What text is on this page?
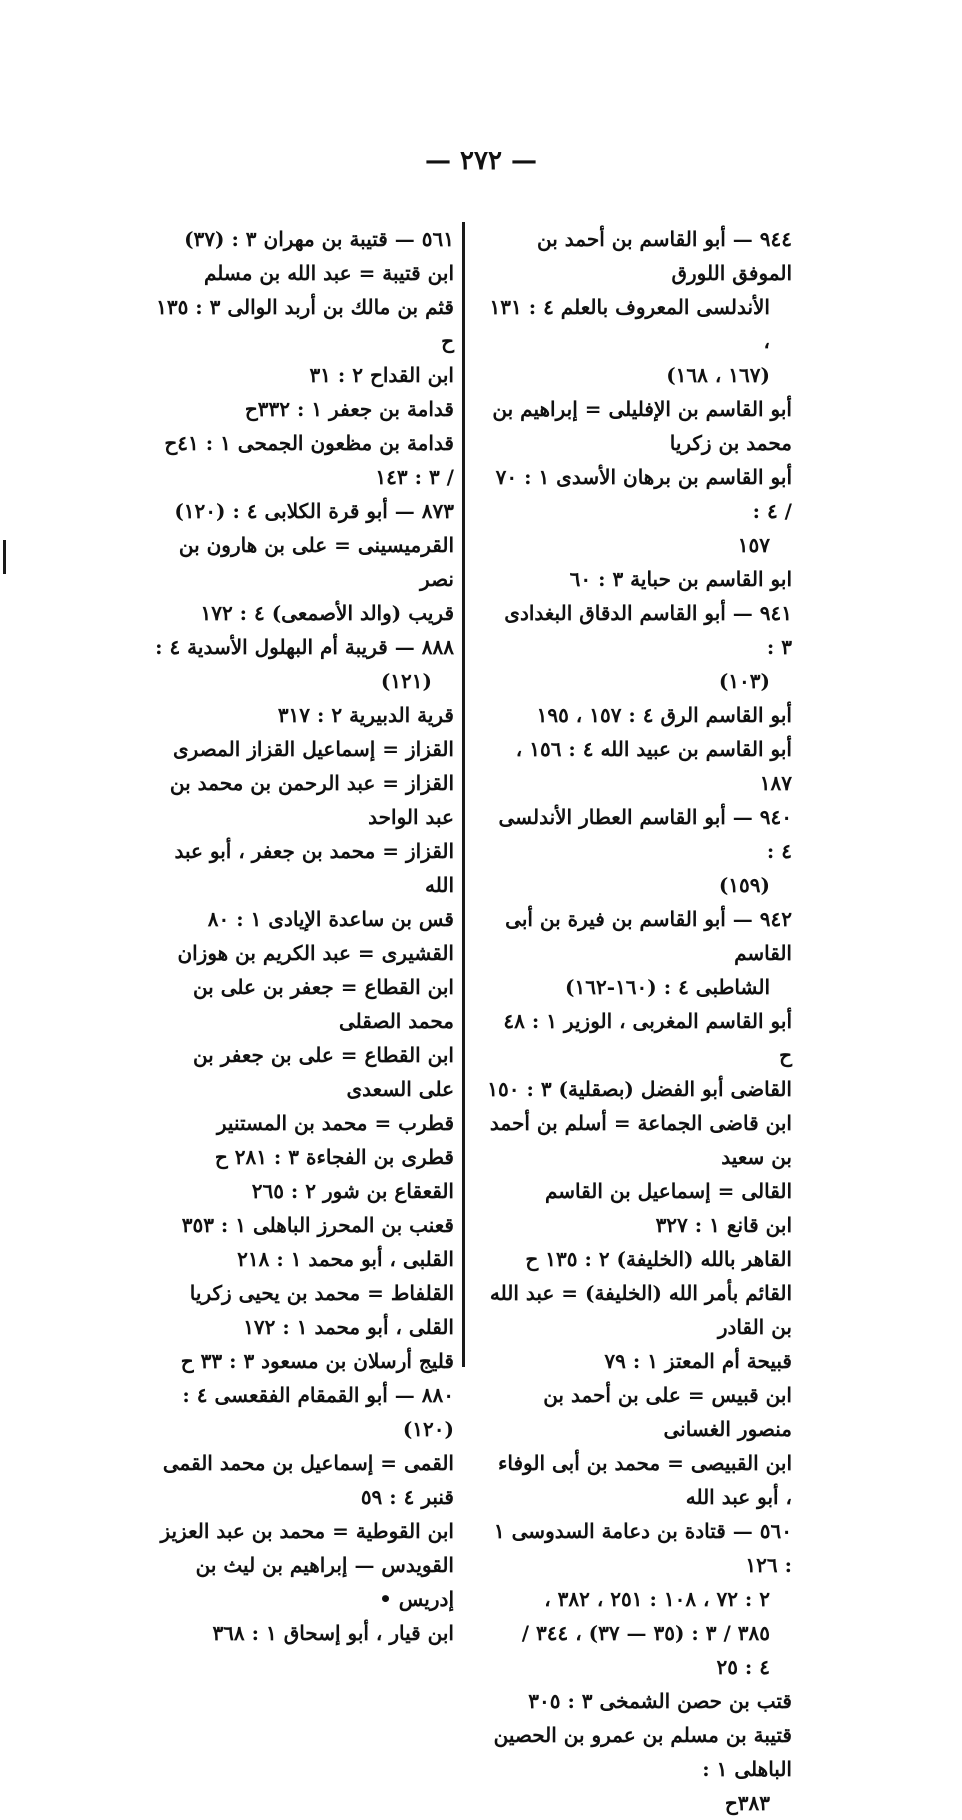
— ٢٧٢ —
٩٤٤ — أبو القاسم بن أحمد بن الموفق اللورق
الأندلسى المعروف بالعلم ٤ : ١٣١ ،
(١٦٧ ، ١٦٨)
أبو القاسم بن الإفليلى = إبراهيم بن محمد بن زكريا
أبو القاسم بن برهان الأسدى ١ : ٧٠ / ٤ :
١٥٧
ابو القاسم بن حباية ٣ : ٦٠
٩٤١ — أبو القاسم الدقاق البغدادى ٣ :
(١٠٣)
أبو القاسم الرق ٤ : ١٥٧ ، ١٩٥
أبو القاسم بن عبيد الله ٤ : ١٥٦ ، ١٨٧
٩٤٠ — أبو القاسم العطار الأندلسى ٤ :
(١٥٩)
٩٤٢ — أبو القاسم بن فيرة بن أبى القاسم
الشاطبى ٤ : (١٦٠-١٦٢)
أبو القاسم المغربى ، الوزير ١ : ٤٨ ح
القاضى أبو الفضل (بصقلية) ٣ : ١٥٠
ابن قاضى الجماعة = أسلم بن أحمد بن سعيد
القالى = إسماعيل بن القاسم
ابن قانع ١ : ٣٢٧
القاهر بالله (الخليفة) ٢ : ١٣٥ ح
القائم بأمر الله (الخليفة) = عبد الله بن القادر
قبيحة أم المعتز ١ : ٧٩
ابن قبيس = على بن أحمد بن منصور الغسانى
ابن القبيصى = محمد بن أبى الوفاء ، أبو عبد الله
٥٦٠ — قتادة بن دعامة السدوسى ١ : ١٢٦
٢ : ٧٢ ، ١٠٨ : ٢٥١ ، ٣٨٢ ،
٣٨٥ / ٣ : (٣٥ — ٣٧) ، ٣٤٤ /
٤ : ٢٥
قتب بن حصن الشمخى ٣ : ٣٠٥
قتيبة بن مسلم بن عمرو بن الحصين الباهلى ١ :
٣٨٣ح
٥٦١ — قتيبة بن مهران ٣ : (٣٧)
ابن قتيبة = عبد الله بن مسلم
قثم بن مالك بن أربد الوالى ٣ : ١٣٥ ح
ابن القداح ٢ : ٣١
قدامة بن جعفر ١ : ٣٣٢ح
قدامة بن مظعون الجمحى ١ : ٤١ح / ٣ : ١٤٣
٨٧٣ — أبو قرة الكلابى ٤ : (١٢٠)
القرميسينى = على بن هارون بن نصر
قريب (والد الأصمعى) ٤ : ١٧٢
٨٨٨ — قريبة أم البهلول الأسدية ٤ :
(١٢١)
قرية الدبيرية ٢ : ٣١٧
القزاز = إسماعيل القزاز المصرى
القزاز = عبد الرحمن بن محمد بن عبد الواحد
القزاز = محمد بن جعفر ، أبو عبد الله
قس بن ساعدة الإيادى ١ : ٨٠
القشيرى = عبد الكريم بن هوزان
ابن القطاع = جعفر بن على بن محمد الصقلى
ابن القطاع = على بن جعفر بن على السعدى
قطرب = محمد بن المستنير
قطرى بن الفجاءة ٣ : ٢٨١ ح
القعقاع بن شور ٢ : ٢٦٥
قعنب بن المحرز الباهلى ١ : ٣٥٣
القلبى ، أبو محمد ١ : ٢١٨
القلفاط = محمد بن يحيى زكريا
القلى ، أبو محمد ١ : ١٧٢
قليج أرسلان بن مسعود ٣ : ٣٣ ح
٨٨٠ — أبو القمقام الفقعسى ٤ : (١٢٠)
القمى = إسماعيل بن محمد القمى
قنبر ٤ : ٥٩
ابن القوطية = محمد بن عبد العزيز
القويدس — إبراهيم بن ليث بن إدريس •
ابن قيار ، أبو إسحاق ١ : ٣٦٨
